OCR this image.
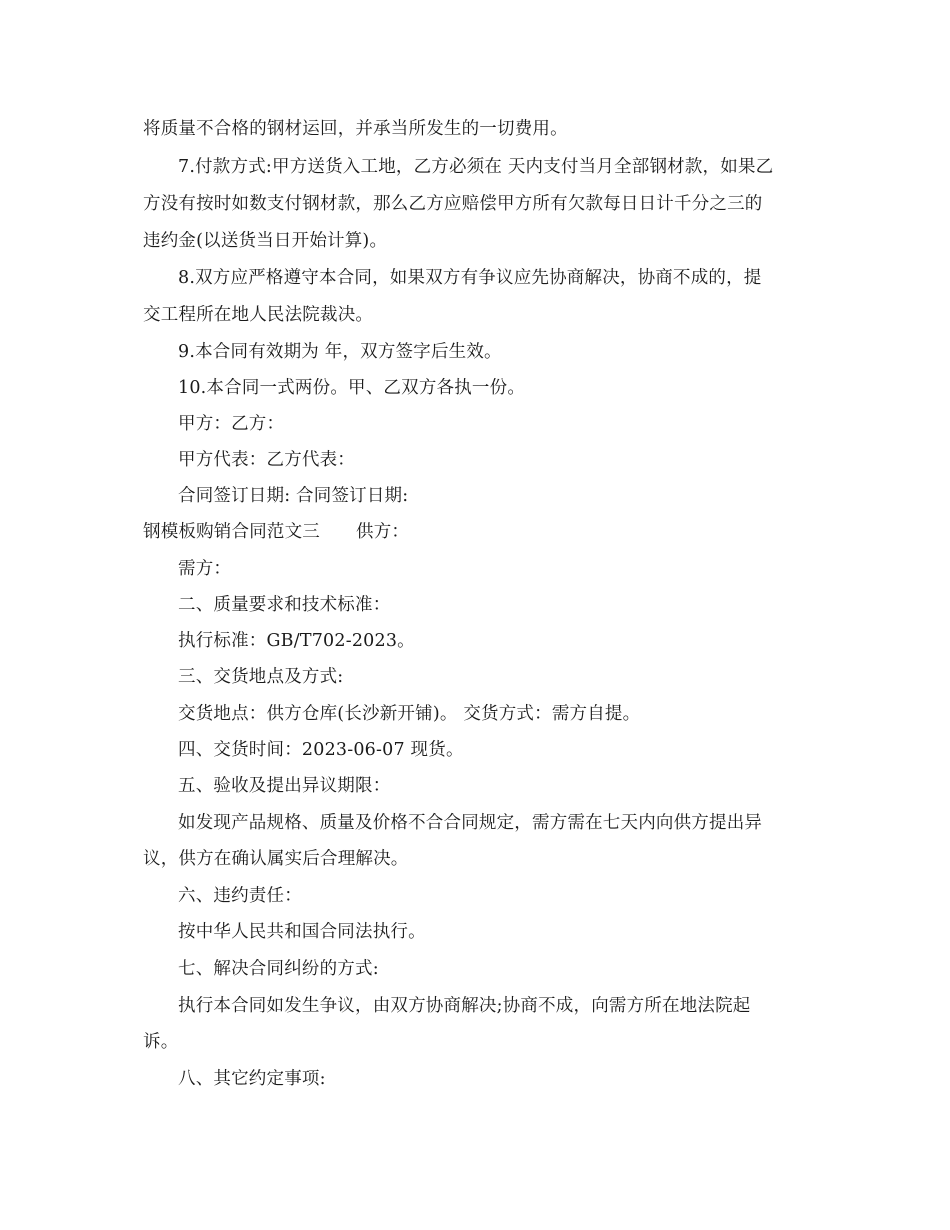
将质量不合格的钢材运回，并承当所发生的一切费用。
7.付款方式:甲方送货入工地，乙方必须在 天内支付当月全部钢材款，如果乙
方没有按时如数支付钢材款，那么乙方应赔偿甲方所有欠款每日日计千分之三的
违约金(以送货当日开始计算)。
8.双方应严格遵守本合同，如果双方有争议应先协商解决，协商不成的，提
交工程所在地人民法院裁决。
9.本合同有效期为 年，双方签字后生效。
10.本合同一式两份。甲、乙双方各执一份。
甲方：乙方：
甲方代表：乙方代表：
合同签订日期: 合同签订日期:
钢模板购销合同范文三 供方：
需方：
二、质量要求和技术标准：
执行标准：GB/T702-2023。
三、交货地点及方式:
交货地点：供方仓库(长沙新开铺)。 交货方式：需方自提。
四、交货时间：2023-06-07 现货。
五、验收及提出异议期限：
如发现产品规格、质量及价格不合合同规定，需方需在七天内向供方提出异
议，供方在确认属实后合理解决。
六、违约责任：
按中华人民共和国合同法执行。
七、解决合同纠纷的方式:
执行本合同如发生争议，由双方协商解决;协商不成，向需方所在地法院起
诉。
八、其它约定事项:
